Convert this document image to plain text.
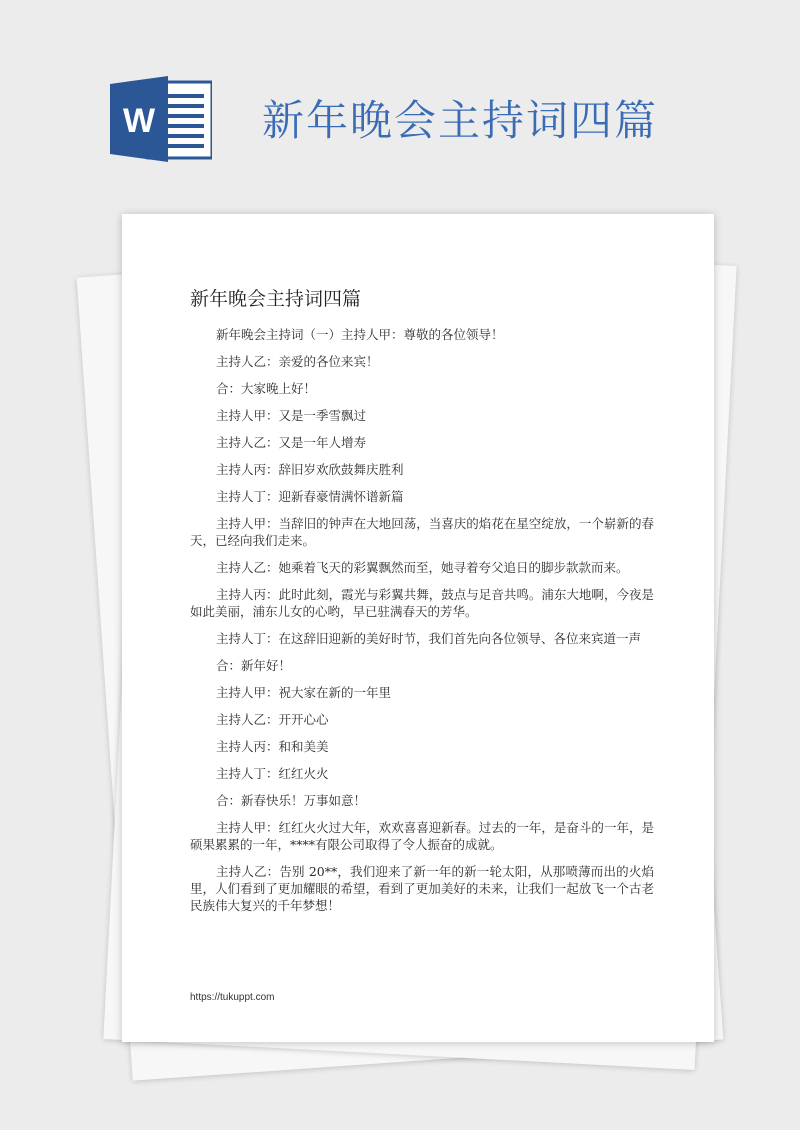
W	新年晚会主持词四篇
新年晚会主持词四篇

新年晚会主持词（一）主持人甲：尊敬的各位领导！

主持人乙：亲爱的各位来宾！

合：大家晚上好！

主持人甲：又是一季雪飘过

主持人乙：又是一年人增寿

主持人丙：辞旧岁欢欣鼓舞庆胜利

主持人丁：迎新春豪情满怀谱新篇

主持人甲：当辞旧的钟声在大地回荡，当喜庆的焰花在星空绽放，一个崭新的春天，已经向我们走来。

主持人乙：她乘着飞天的彩翼飘然而至，她寻着夸父追日的脚步款款而来。

主持人丙：此时此刻，霞光与彩翼共舞，鼓点与足音共鸣。浦东大地啊，今夜是如此美丽，浦东儿女的心哟，早已驻满春天的芳华。

主持人丁：在这辞旧迎新的美好时节，我们首先向各位领导、各位来宾道一声

合：新年好！

主持人甲：祝大家在新的一年里

主持人乙：开开心心

主持人丙：和和美美

主持人丁：红红火火

合：新春快乐！万事如意！

主持人甲：红红火火过大年，欢欢喜喜迎新春。过去的一年，是奋斗的一年，是硕果累累的一年，****有限公司取得了令人振奋的成就。

主持人乙：告别 20**，我们迎来了新一年的新一轮太阳，从那喷薄而出的火焰里，人们看到了更加耀眼的希望，看到了更加美好的未来，让我们一起放飞一个古老民族伟大复兴的千年梦想！

https://tukuppt.com
